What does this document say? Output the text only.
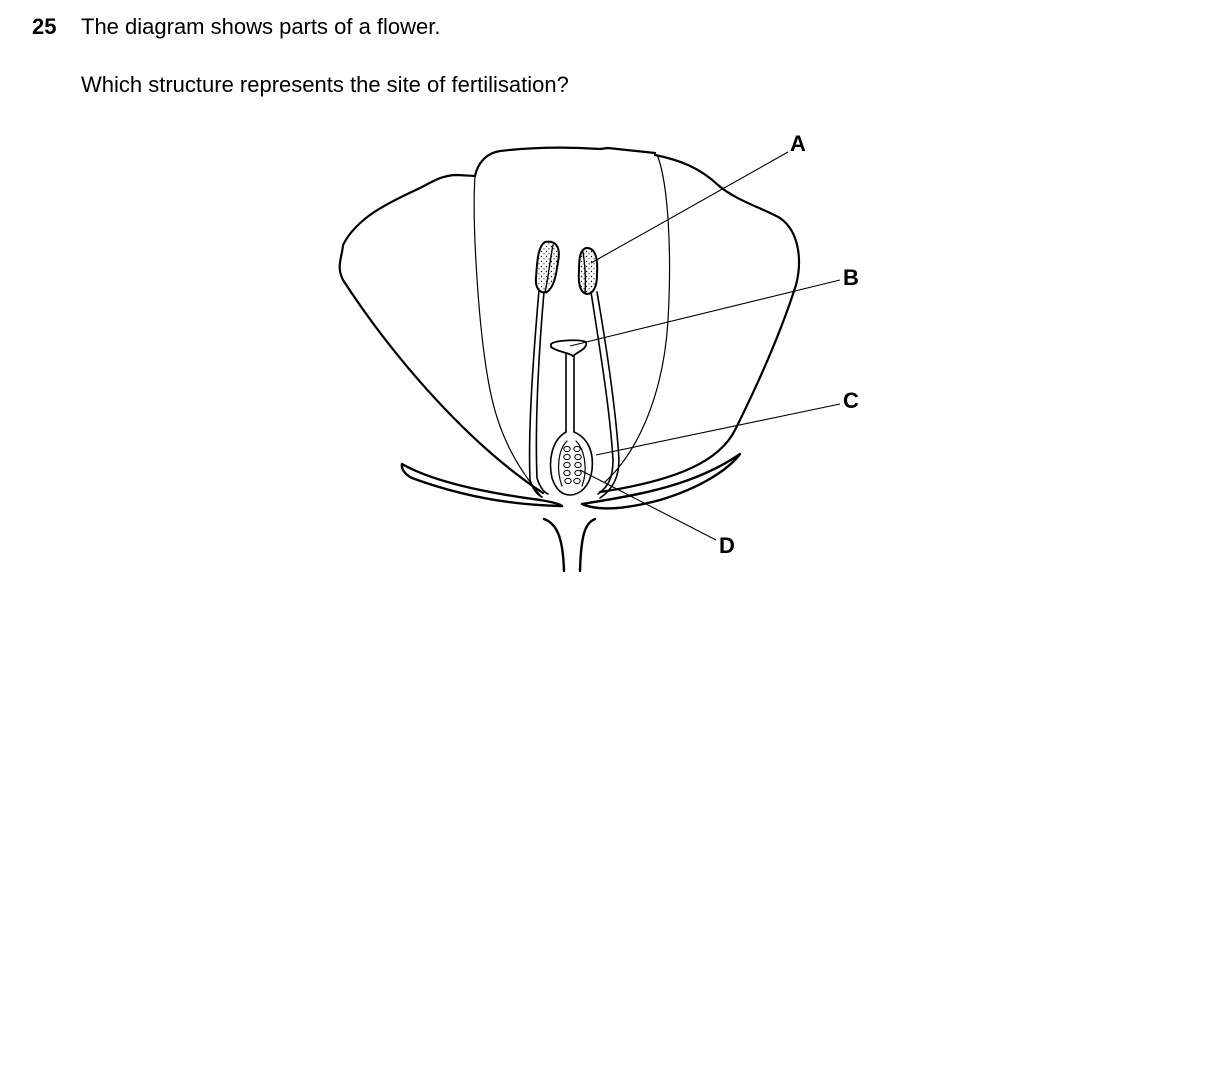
25 The diagram shows parts of a flower.
Which structure represents the site of fertilisation?
A
B
C
D
